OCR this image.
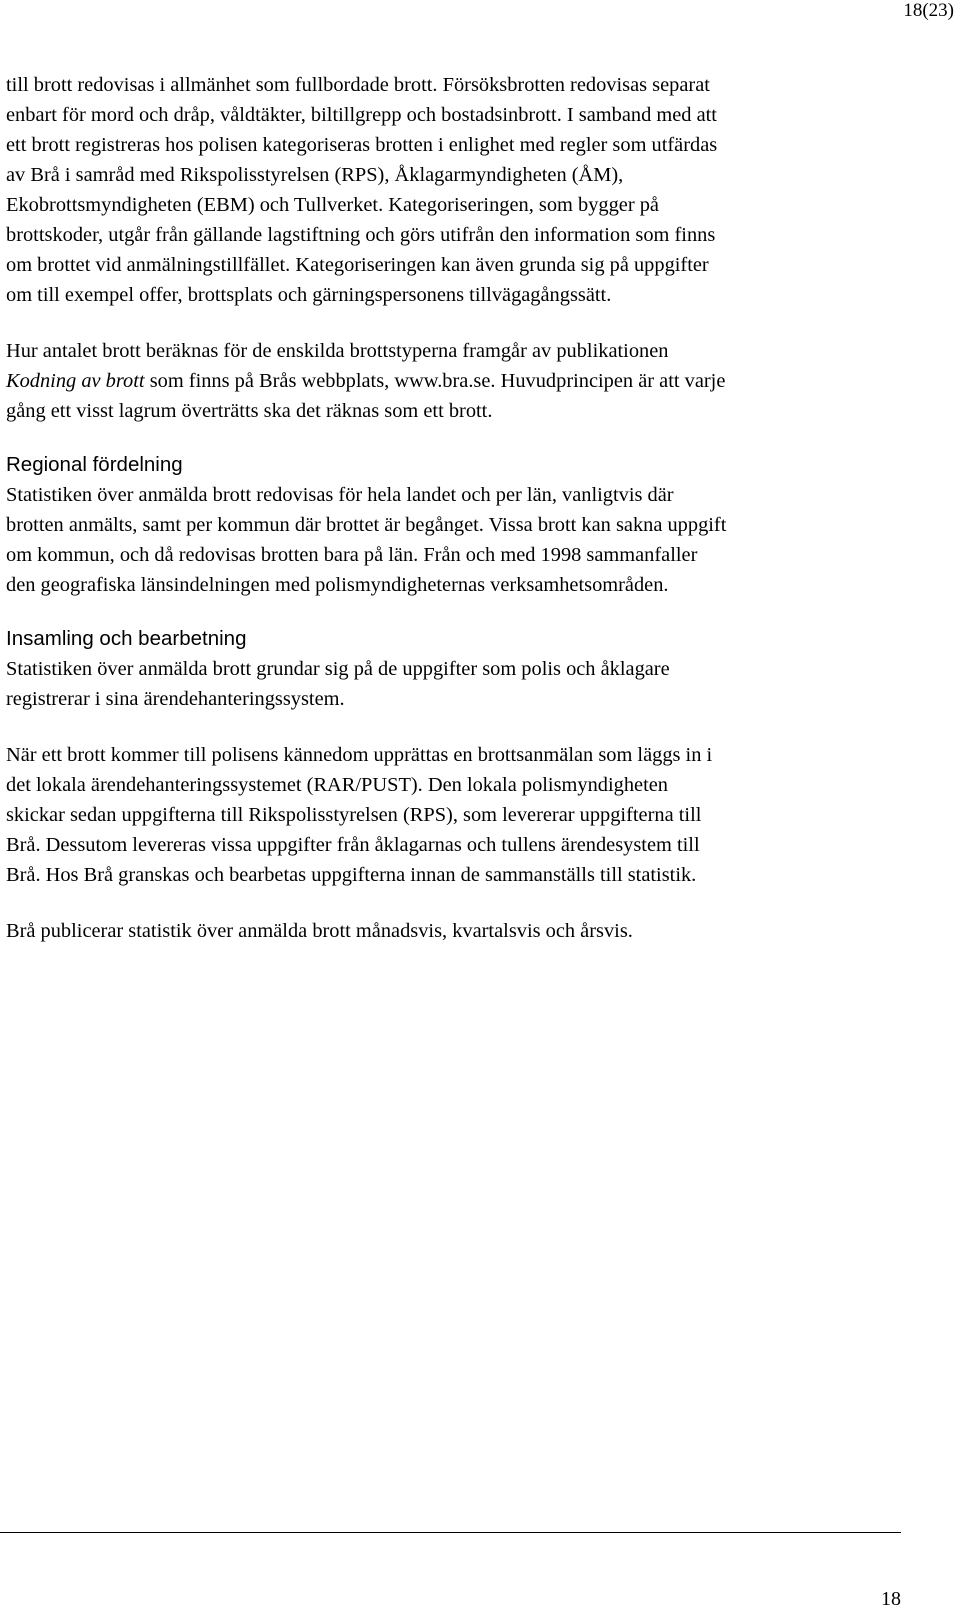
18(23)

till brott redovisas i allmänhet som fullbordade brott. Försöksbrotten redovisas separat
enbart för mord och dråp, våldtäkter, biltillgrepp och bostadsinbrott. I samband med att
ett brott registreras hos polisen kategoriseras brotten i enlighet med regler som utfärdas
av Brå i samråd med Rikspolisstyrelsen (RPS), Åklagarmyndigheten (ÅM),
Ekobrottsmyndigheten (EBM) och Tullverket. Kategoriseringen, som bygger på
brottskoder, utgår från gällande lagstiftning och görs utifrån den information som finns
om brottet vid anmälningstillfället. Kategoriseringen kan även grunda sig på uppgifter
om till exempel offer, brottsplats och gärningspersonens tillvägagångssätt.

Hur antalet brott beräknas för de enskilda brottstyperna framgår av publikationen
Kodning av brott som finns på Brås webbplats, www.bra.se. Huvudprincipen är att varje
gång ett visst lagrum överträtts ska det räknas som ett brott.

Regional fördelning

Statistiken över anmälda brott redovisas för hela landet och per län, vanligtvis där
brotten anmälts, samt per kommun där brottet är begånget. Vissa brott kan sakna uppgift
om kommun, och då redovisas brotten bara på län. Från och med 1998 sammanfaller
den geografiska länsindelningen med polismyndigheternas verksamhetsområden.

Insamling och bearbetning

Statistiken över anmälda brott grundar sig på de uppgifter som polis och åklagare
registrerar i sina ärendehanteringssystem.

När ett brott kommer till polisens kännedom upprättas en brottsanmälan som läggs in i
det lokala ärendehanteringssystemet (RAR/PUST). Den lokala polismyndigheten
skickar sedan uppgifterna till Rikspolisstyrelsen (RPS), som levererar uppgifterna till
Brå. Dessutom levereras vissa uppgifter från åklagarnas och tullens ärendesystem till
Brå. Hos Brå granskas och bearbetas uppgifterna innan de sammanställs till statistik.

Brå publicerar statistik över anmälda brott månadsvis, kvartalsvis och årsvis.

18
